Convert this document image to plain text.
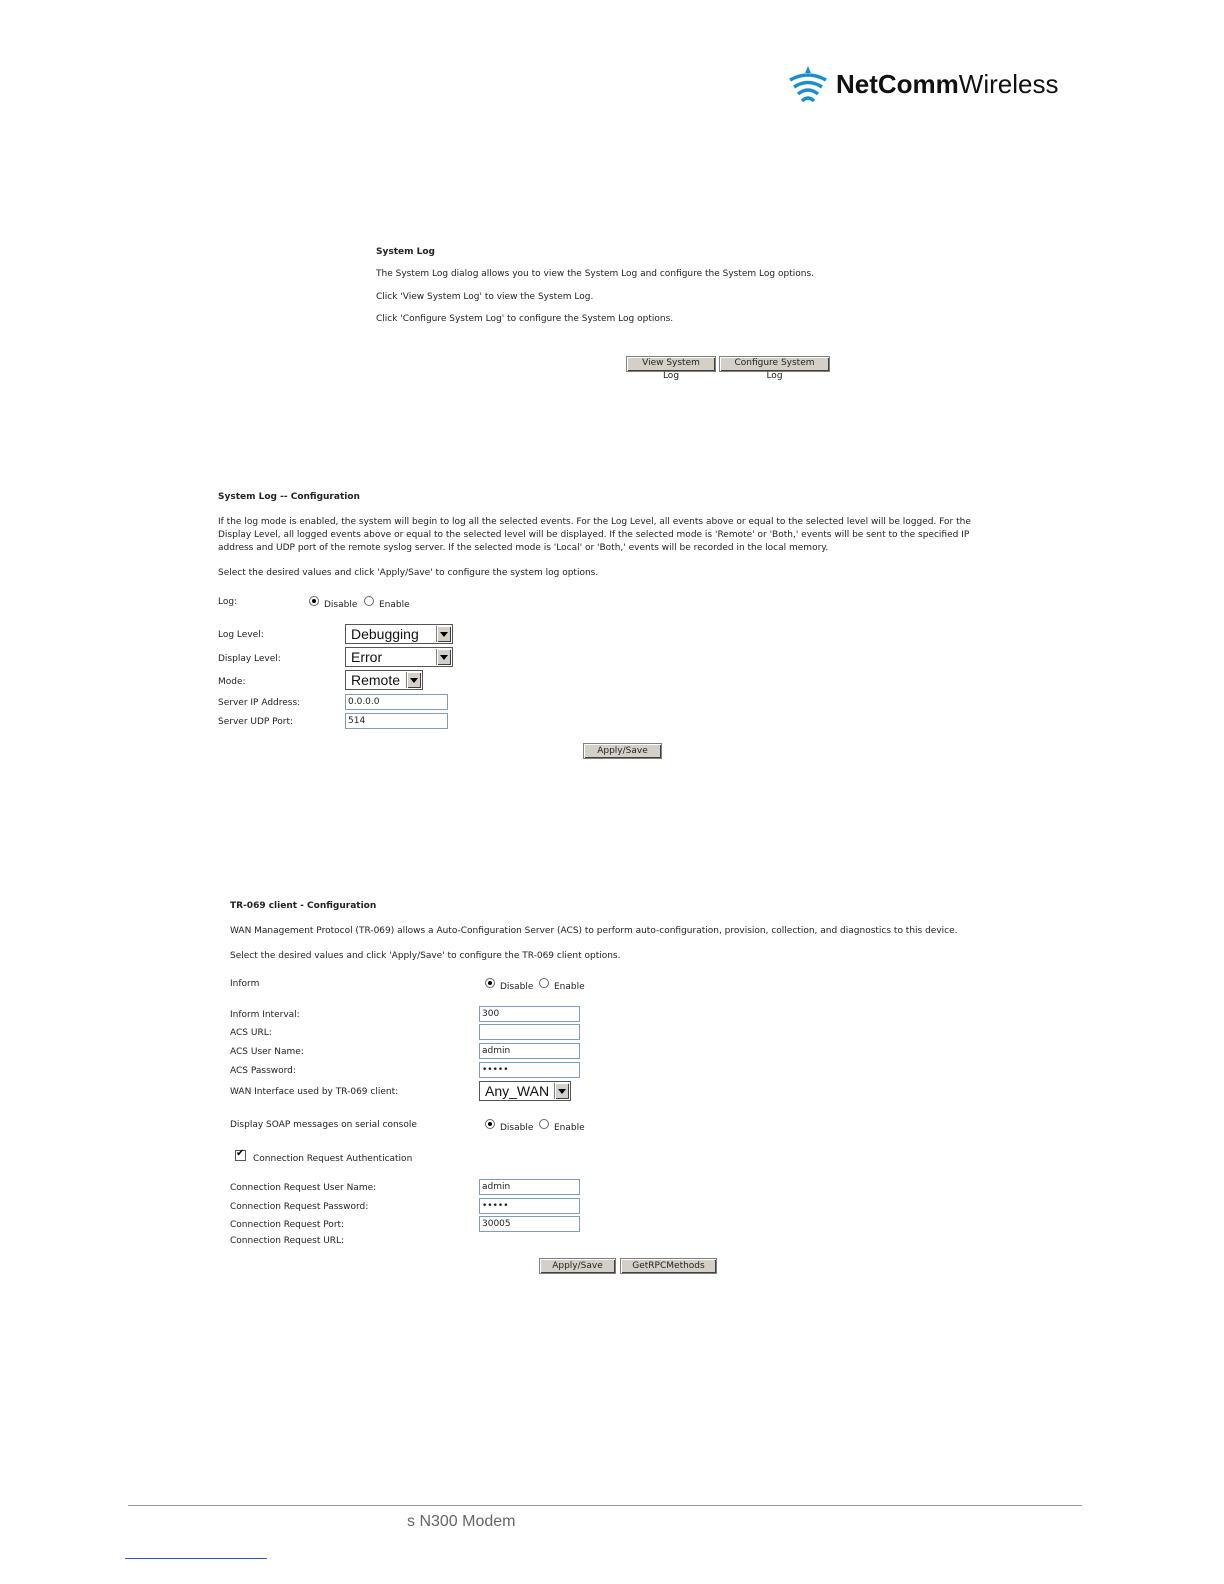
NetCommWireless
System Log
The System Log dialog allows you to view the System Log and configure the System Log options.
Click 'View System Log' to view the System Log.
Click 'Configure System Log' to configure the System Log options.
View System Log
Configure System Log
System Log -- Configuration
If the log mode is enabled, the system will begin to log all the selected events. For the Log Level, all events above or equal to the selected level will be logged. For the
Display Level, all logged events above or equal to the selected level will be displayed. If the selected mode is 'Remote' or 'Both,' events will be sent to the specified IP
address and UDP port of the remote syslog server. If the selected mode is 'Local' or 'Both,' events will be recorded in the local memory.
Select the desired values and click 'Apply/Save' to configure the system log options.
Log:	Disable Enable
Log Level:	Debugging
Display Level:	Error
Mode:	Remote
Server IP Address:	0.0.0.0
Server UDP Port:	514
Apply/Save
TR-069 client - Configuration
WAN Management Protocol (TR-069) allows a Auto-Configuration Server (ACS) to perform auto-configuration, provision, collection, and diagnostics to this device.
Select the desired values and click 'Apply/Save' to configure the TR-069 client options.
Inform	Disable Enable
Inform Interval:	300
ACS URL:
ACS User Name:	admin
ACS Password:	•••••
WAN Interface used by TR-069 client:	Any_WAN
Display SOAP messages on serial console	Disable Enable
✔
Connection Request Authentication
Connection Request User Name:	admin
Connection Request Password:	•••••
Connection Request Port:	30005
Connection Request URL:
Apply/Save	GetRPCMethods
s N300 Modem
